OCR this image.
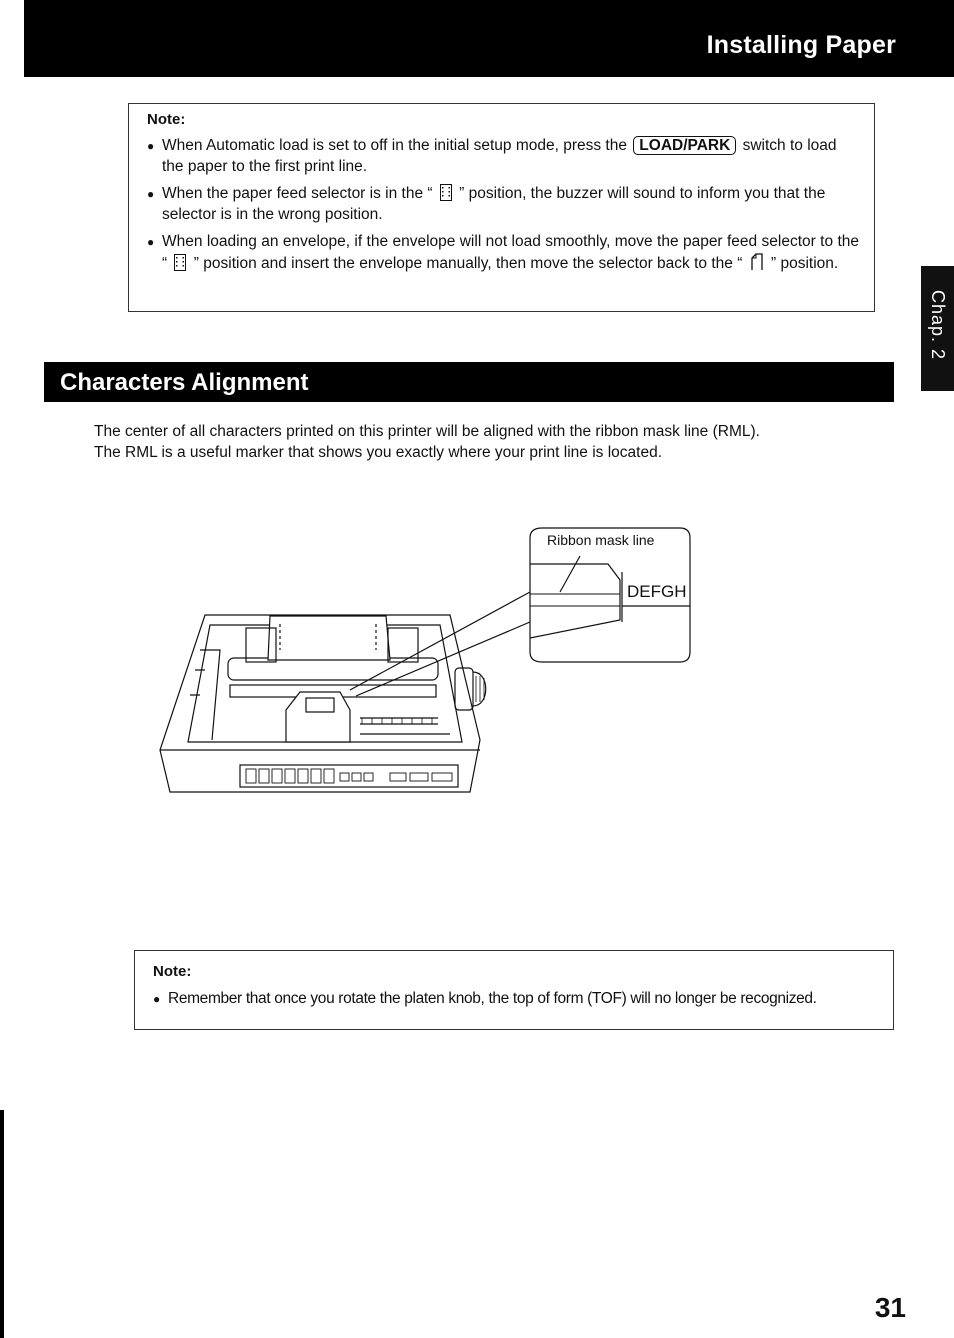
Installing Paper
Note:
● When Automatic load is set to off in the initial setup mode, press the LOAD/PARK switch to load the paper to the first print line.
● When the paper feed selector is in the “ ” position, the buzzer will sound to inform you that the selector is in the wrong position.
● When loading an envelope, if the envelope will not load smoothly, move the paper feed selector to the “ ” position and insert the envelope manually, then move the selector back to the “ ” position.
Chap. 2
Characters Alignment
The center of all characters printed on this printer will be aligned with the ribbon mask line (RML).
The RML is a useful marker that shows you exactly where your print line is located.
Ribbon mask line
DEFGH
Note:
● Remember that once you rotate the platen knob, the top of form (TOF) will no longer be recognized.
31
